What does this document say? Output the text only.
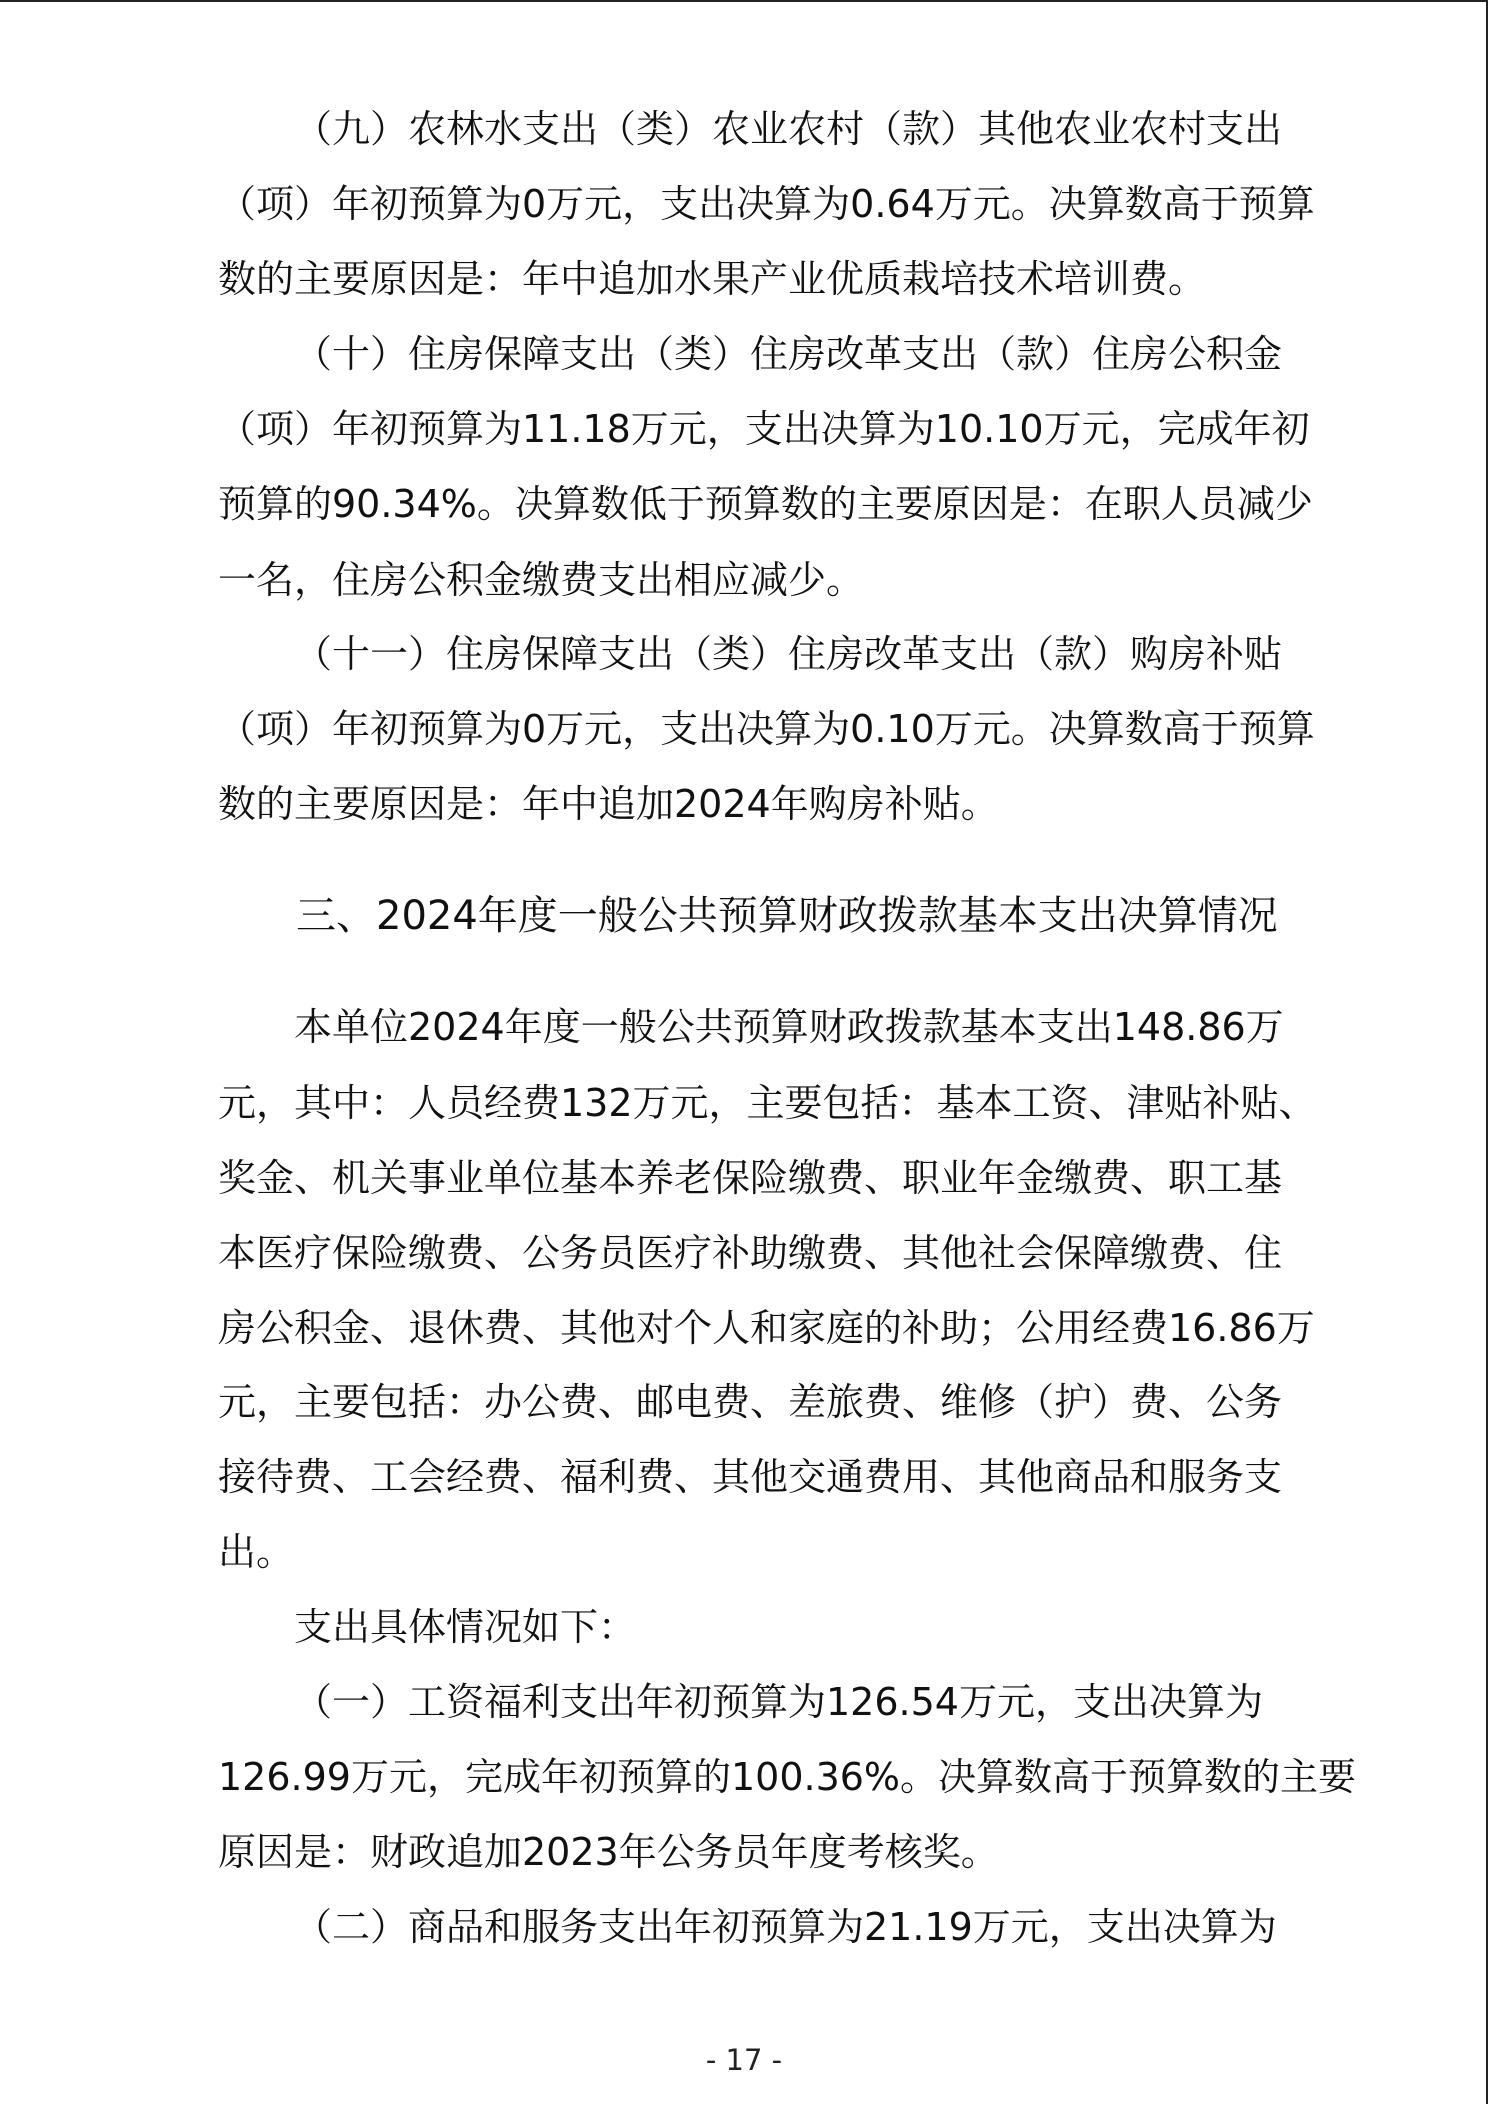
（九）农林水支出（类）农业农村（款）其他农业农村支出
（项）年初预算为0万元，支出决算为0.64万元。决算数高于预算
数的主要原因是：年中追加水果产业优质栽培技术培训费。
（十）住房保障支出（类）住房改革支出（款）住房公积金
（项）年初预算为11.18万元，支出决算为10.10万元，完成年初
预算的90.34%。决算数低于预算数的主要原因是：在职人员减少
一名，住房公积金缴费支出相应减少。
（十一）住房保障支出（类）住房改革支出（款）购房补贴
（项）年初预算为0万元，支出决算为0.10万元。决算数高于预算
数的主要原因是：年中追加2024年购房补贴。
三、2024年度一般公共预算财政拨款基本支出决算情况
本单位2024年度一般公共预算财政拨款基本支出148.86万
元，其中：人员经费132万元，主要包括：基本工资、津贴补贴、
奖金、机关事业单位基本养老保险缴费、职业年金缴费、职工基
本医疗保险缴费、公务员医疗补助缴费、其他社会保障缴费、住
房公积金、退休费、其他对个人和家庭的补助；公用经费16.86万
元，主要包括：办公费、邮电费、差旅费、维修（护）费、公务
接待费、工会经费、福利费、其他交通费用、其他商品和服务支
出。
支出具体情况如下：
（一）工资福利支出年初预算为126.54万元，支出决算为
126.99万元，完成年初预算的100.36%。决算数高于预算数的主要
原因是：财政追加2023年公务员年度考核奖。
（二）商品和服务支出年初预算为21.19万元，支出决算为
- 17 -
